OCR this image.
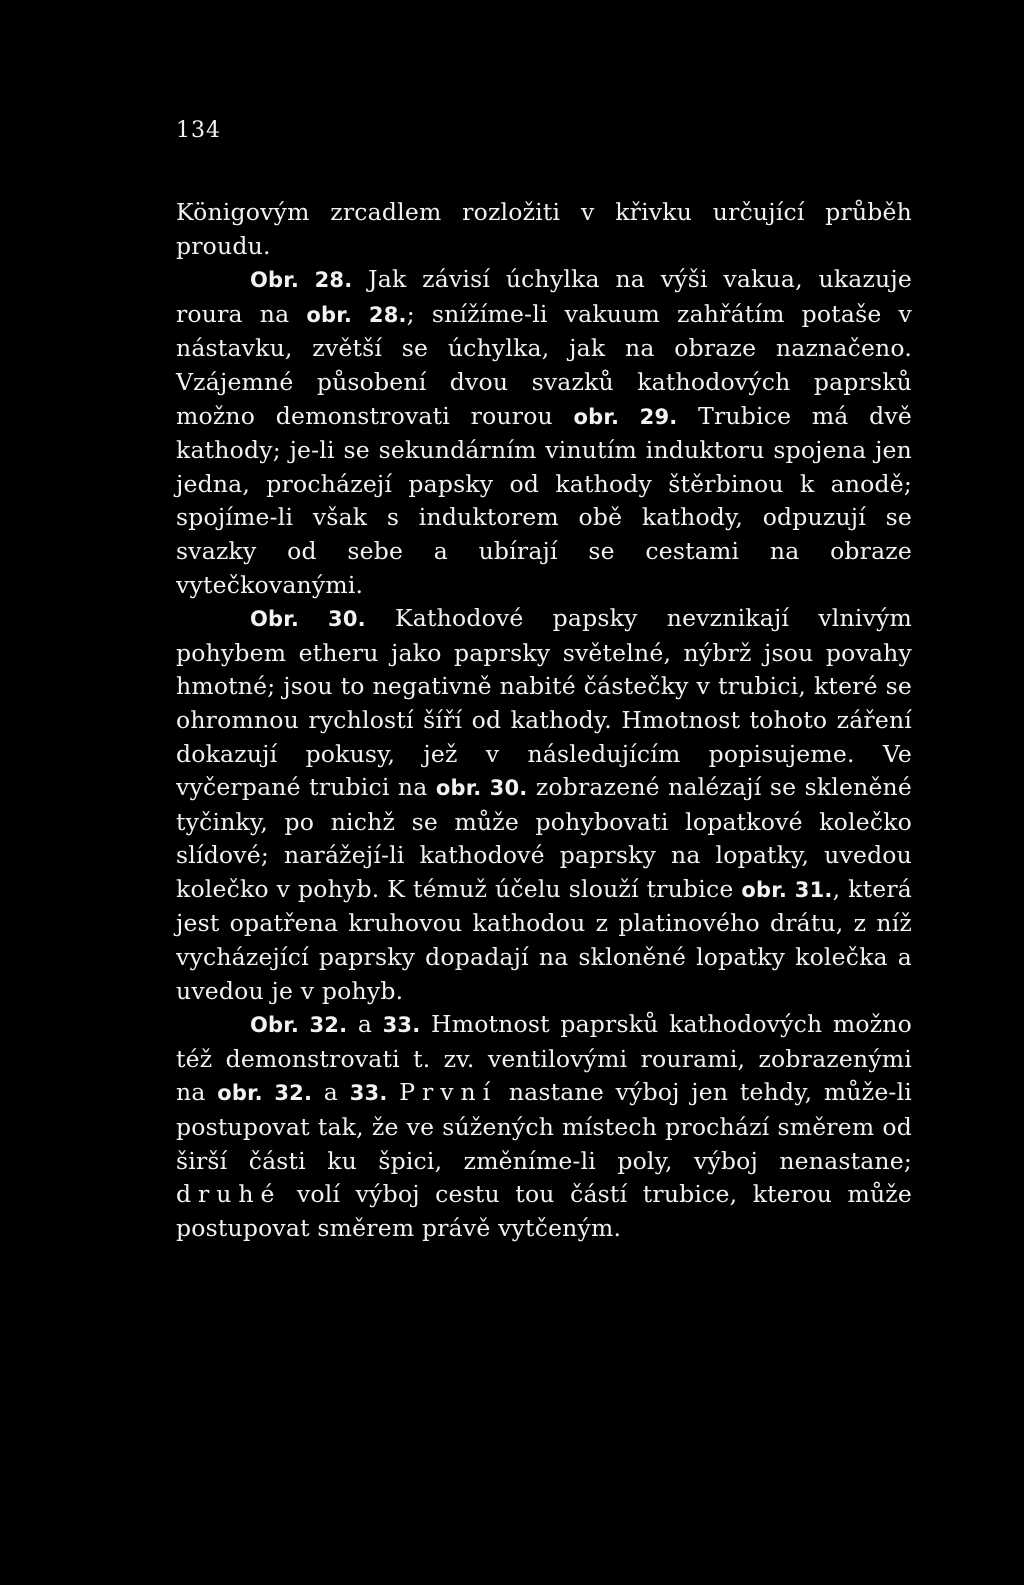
134

Königovým zrcadlem rozložiti v křivku určující průběh proudu.

Obr. 28. Jak závisí úchylka na výši vakua, ukazuje roura na obr. 28.; snížíme-li vakuum zahřátím potaše v nástavku, zvětší se úchylka, jak na obraze naznačeno. Vzájemné působení dvou svazků kathodových paprsků možno demonstrovati rourou obr. 29. Trubice má dvě kathody; je-li se sekundárním vinutím induktoru spojena jen jedna, procházejí papsky od kathody štěrbinou k anodě; spojíme-li však s induktorem obě kathody, odpuzují se svazky od sebe a ubírají se cestami na obraze vytečkovanými.

Obr. 30. Kathodové papsky nevznikají vlnivým pohybem etheru jako paprsky světelné, nýbrž jsou povahy hmotné; jsou to negativně nabité částečky v trubici, které se ohromnou rychlostí šíří od kathody. Hmotnost tohoto záření dokazují pokusy, jež v následujícím popisujeme. Ve vyčerpané trubici na obr. 30. zobrazené nalézají se skleněné tyčinky, po nichž se může pohybovati lopatkové kolečko slídové; narážejí-li kathodové paprsky na lopatky, uvedou kolečko v pohyb. K témuž účelu slouží trubice obr. 31., která jest opatřena kruhovou kathodou z platinového drátu, z níž vycházející paprsky dopadají na skloněné lopatky kolečka a uvedou je v pohyb.

Obr. 32. a 33. Hmotnost paprsků kathodových možno též demonstrovati t. zv. ventilovými rourami, zobrazenými na obr. 32. a 33. První nastane výboj jen tehdy, může-li postupovat tak, že ve súžených místech prochází směrem od širší části ku špici, změníme-li poly, výboj nenastane; druhé volí výboj cestu tou částí trubice, kterou může postupovat směrem právě vytčeným.
